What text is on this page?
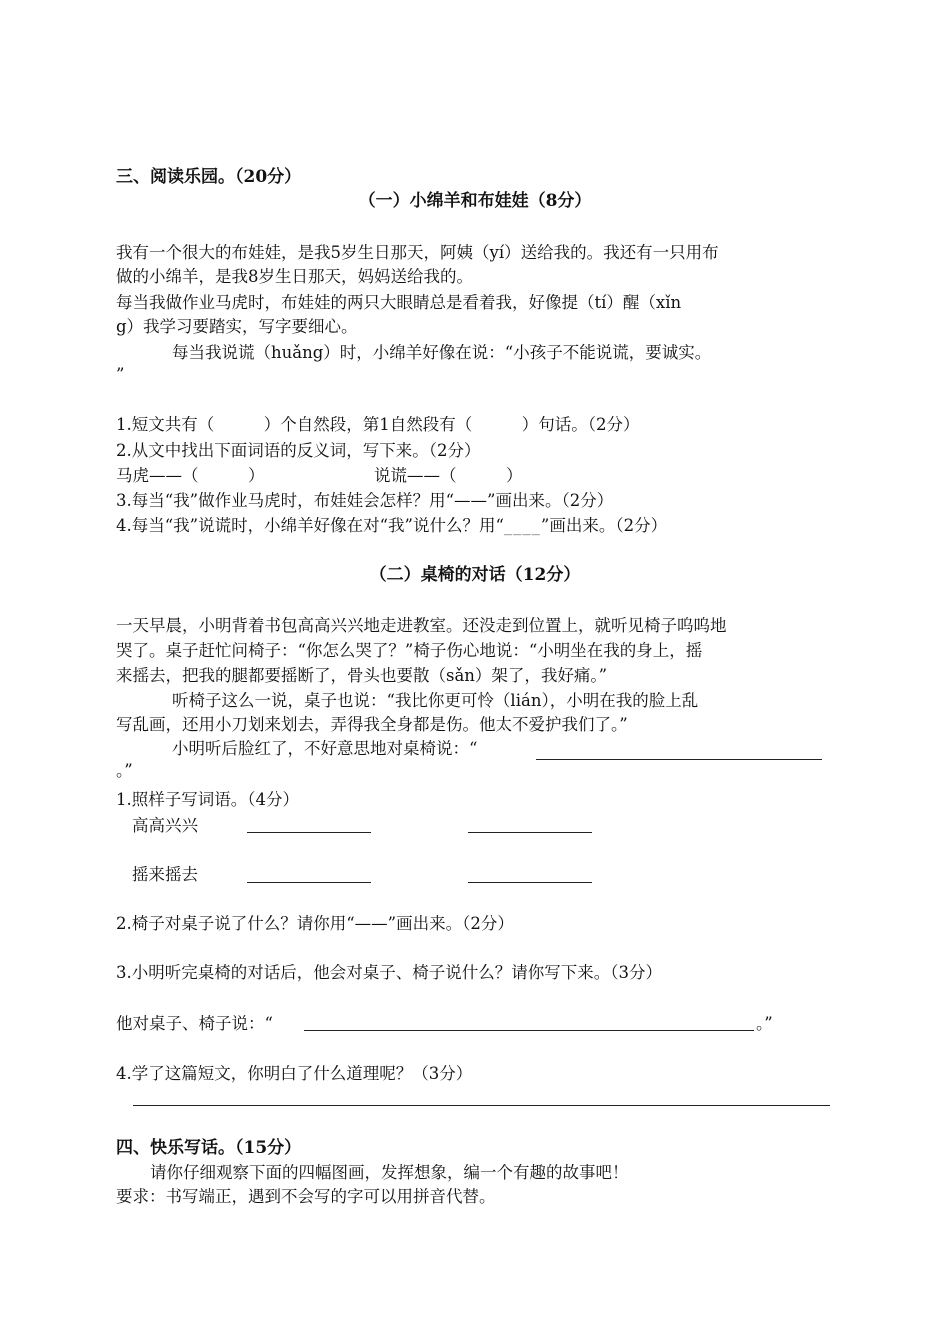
三、阅读乐园。（20分）
（一）小绵羊和布娃娃（8分）
我有一个很大的布娃娃，是我5岁生日那天，阿姨（yí）送给我的。我还有一只用布
做的小绵羊，是我8岁生日那天，妈妈送给我的。
每当我做作业马虎时，布娃娃的两只大眼睛总是看着我，好像提（tí）醒（xǐn
g）我学习要踏实，写字要细心。
每当我说谎（huǎng）时，小绵羊好像在说：“小孩子不能说谎，要诚实。
”
1.短文共有（　　　）个自然段，第1自然段有（　　　）句话。（2分）
2.从文中找出下面词语的反义词，写下来。（2分）
马虎——（　　　）	说谎——（　　　）
3.每当“我”做作业马虎时，布娃娃会怎样？用“——”画出来。（2分）
4.每当“我”说谎时，小绵羊好像在对“我”说什么？用“____”画出来。（2分）
（二）桌椅的对话（12分）
一天早晨，小明背着书包高高兴兴地走进教室。还没走到位置上，就听见椅子呜呜地
哭了。桌子赶忙问椅子：“你怎么哭了？”椅子伤心地说：“小明坐在我的身上，摇
来摇去，把我的腿都要摇断了，骨头也要散（sǎn）架了，我好痛。”
听椅子这么一说，桌子也说：“我比你更可怜（lián），小明在我的脸上乱
写乱画，还用小刀划来划去，弄得我全身都是伤。他太不爱护我们了。”
小明听后脸红了，不好意思地对桌椅说：“
。”
1.照样子写词语。（4分）
高高兴兴
摇来摇去
2.椅子对桌子说了什么？请你用“——”画出来。（2分）
3.小明听完桌椅的对话后，他会对桌子、椅子说什么？请你写下来。（3分）
他对桌子、椅子说：“	。”
4.学了这篇短文，你明白了什么道理呢？（3分）
四、快乐写话。（15分）
请你仔细观察下面的四幅图画，发挥想象，编一个有趣的故事吧！
要求：书写端正，遇到不会写的字可以用拼音代替。
